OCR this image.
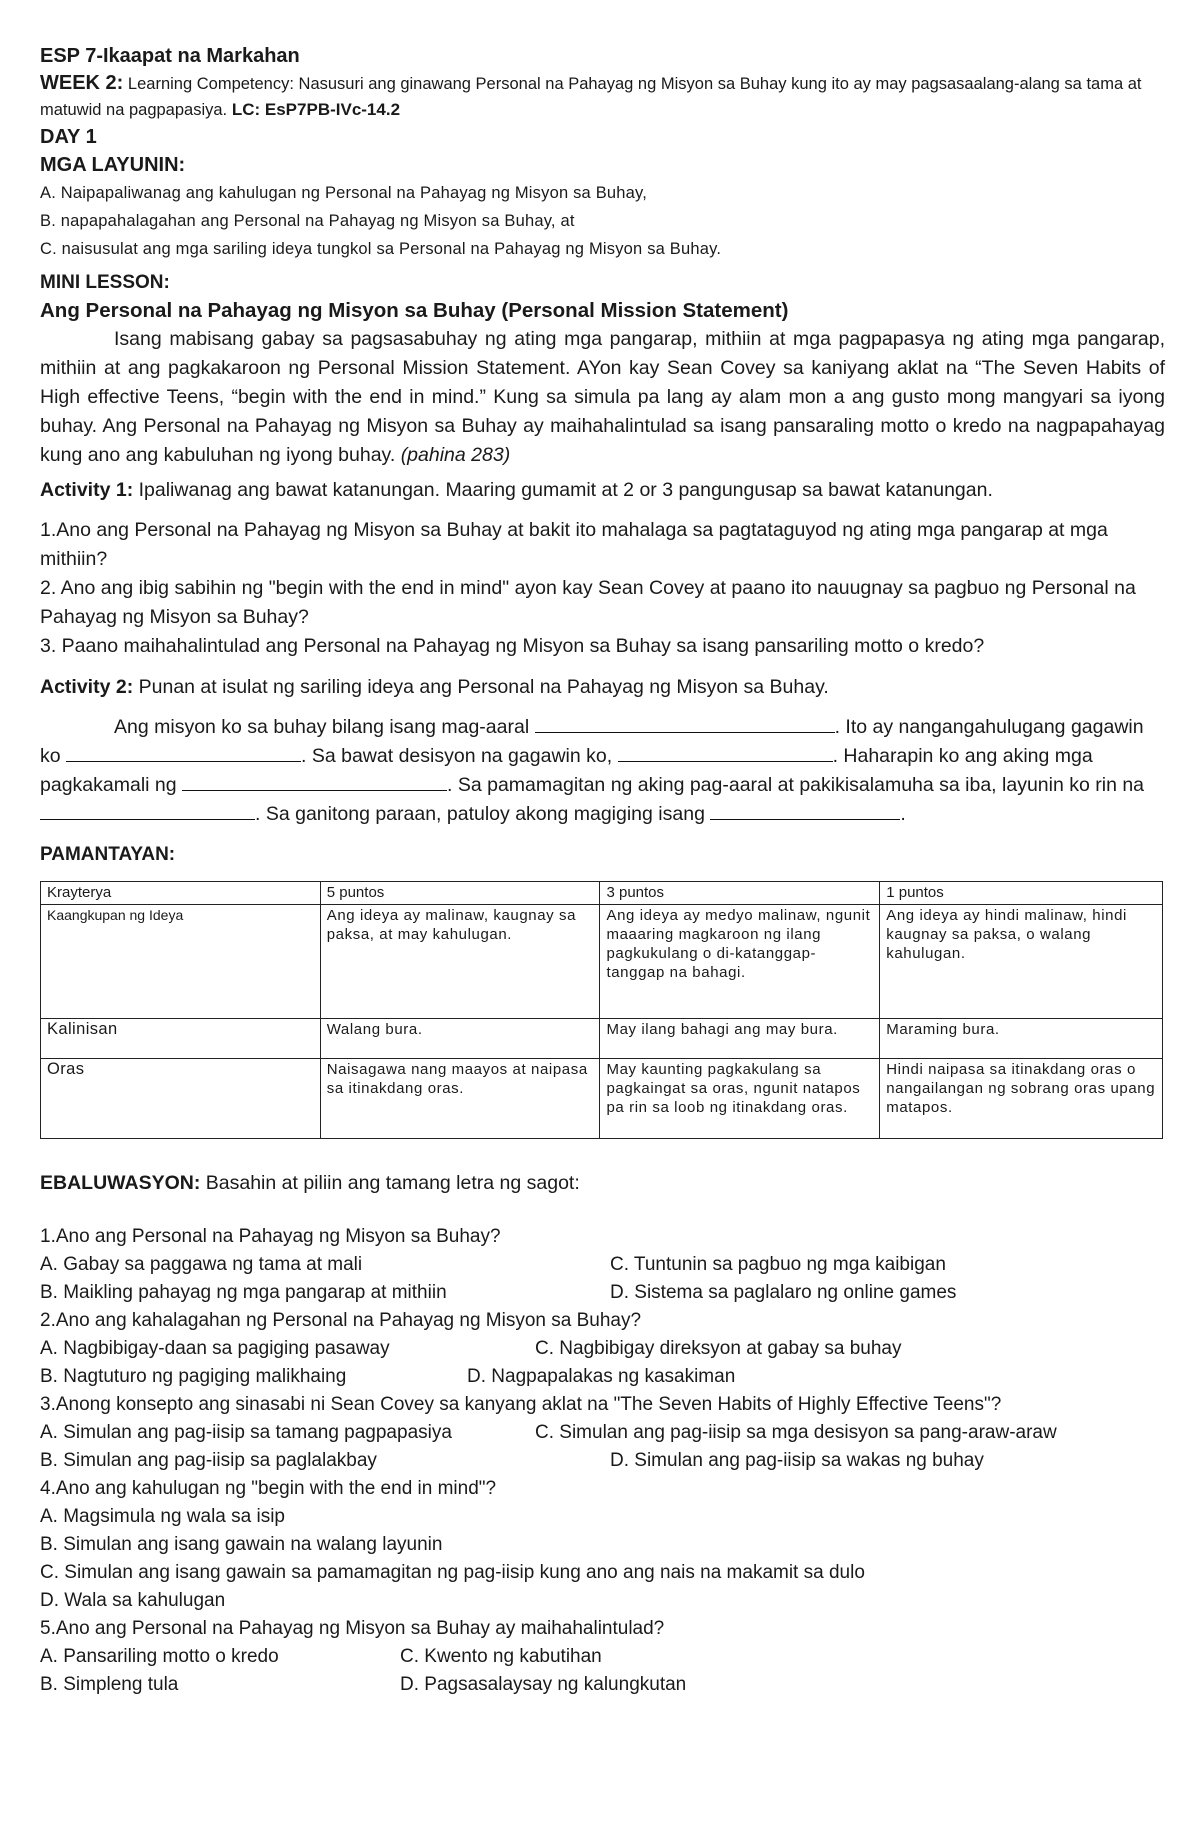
ESP 7-Ikaapat na Markahan
WEEK 2: Learning Competency: Nasusuri ang ginawang Personal na Pahayag ng Misyon sa Buhay kung ito ay may pagsasaalang-alang sa tama at matuwid na pagpapasiya. LC: EsP7PB-IVc-14.2
DAY 1
MGA LAYUNIN:
A. Naipapaliwanag ang kahulugan ng Personal na Pahayag ng Misyon sa Buhay,
B. napapahalagahan ang Personal na Pahayag ng Misyon sa Buhay, at
C. naisusulat ang mga sariling ideya tungkol sa Personal na Pahayag ng Misyon sa Buhay.
MINI LESSON:
Ang Personal na Pahayag ng Misyon sa Buhay (Personal Mission Statement)
Isang mabisang gabay sa pagsasabuhay ng ating mga pangarap, mithiin at mga pagpapasya ng ating mga pangarap, mithiin at ang pagkakaroon ng Personal Mission Statement. AYon kay Sean Covey sa kaniyang aklat na “The Seven Habits of High effective Teens, “begin with the end in mind.” Kung sa simula pa lang ay alam mon a ang gusto mong mangyari sa iyong buhay. Ang Personal na Pahayag ng Misyon sa Buhay ay maihahalintulad sa isang pansaraling motto o kredo na nagpapahayag kung ano ang kabuluhan ng iyong buhay. (pahina 283)
Activity 1: Ipaliwanag ang bawat katanungan. Maaring gumamit at 2 or 3 pangungusap sa bawat katanungan.
1.Ano ang Personal na Pahayag ng Misyon sa Buhay at bakit ito mahalaga sa pagtataguyod ng ating mga pangarap at mga mithiin?
2. Ano ang ibig sabihin ng "begin with the end in mind" ayon kay Sean Covey at paano ito nauugnay sa pagbuo ng Personal na Pahayag ng Misyon sa Buhay?
3. Paano maihahalintulad ang Personal na Pahayag ng Misyon sa Buhay sa isang pansariling motto o kredo?
Activity 2: Punan at isulat ng sariling ideya ang Personal na Pahayag ng Misyon sa Buhay.
Ang misyon ko sa buhay bilang isang mag-aaral	. Ito ay nangangahulugang gagawin ko	. Sa bawat desisyon na gagawin ko,	. Haharapin ko ang aking mga pagkakamali ng	. Sa pamamagitan ng aking pag-aaral at pakikisalamuha sa iba, layunin ko rin na . Sa ganitong paraan, patuloy akong magiging isang	.
PAMANTAYAN:
Krayterya	5 puntos	3 puntos	1 puntos
Kaangkupan ng Ideya	Ang ideya ay malinaw, kaugnay sa paksa, at may kahulugan.	Ang ideya ay medyo malinaw, ngunit maaaring magkaroon ng ilang pagkukulang o di-katanggap-tanggap na bahagi.	Ang ideya ay hindi malinaw, hindi kaugnay sa paksa, o walang kahulugan.
Kalinisan	Walang bura.	May ilang bahagi ang may bura.	Maraming bura.
Oras	Naisagawa nang maayos at naipasa sa itinakdang oras.	May kaunting pagkakulang sa pagkaingat sa oras, ngunit natapos pa rin sa loob ng itinakdang oras.	Hindi naipasa sa itinakdang oras o nangailangan ng sobrang oras upang matapos.
EBALUWASYON: Basahin at piliin ang tamang letra ng sagot:
1.Ano ang Personal na Pahayag ng Misyon sa Buhay?
A. Gabay sa paggawa ng tama at mali	C. Tuntunin sa pagbuo ng mga kaibigan
B. Maikling pahayag ng mga pangarap at mithiin	D. Sistema sa paglalaro ng online games
2.Ano ang kahalagahan ng Personal na Pahayag ng Misyon sa Buhay?
A. Nagbibigay-daan sa pagiging pasaway	C. Nagbibigay direksyon at gabay sa buhay
B. Nagtuturo ng pagiging malikhaing	D. Nagpapalakas ng kasakiman
3.Anong konsepto ang sinasabi ni Sean Covey sa kanyang aklat na "The Seven Habits of Highly Effective Teens"?
A. Simulan ang pag-iisip sa tamang pagpapasiya	C. Simulan ang pag-iisip sa mga desisyon sa pang-araw-araw
B. Simulan ang pag-iisip sa paglalakbay	D. Simulan ang pag-iisip sa wakas ng buhay
4.Ano ang kahulugan ng "begin with the end in mind"?
A. Magsimula ng wala sa isip
B. Simulan ang isang gawain na walang layunin
C. Simulan ang isang gawain sa pamamagitan ng pag-iisip kung ano ang nais na makamit sa dulo
D. Wala sa kahulugan
5.Ano ang Personal na Pahayag ng Misyon sa Buhay ay maihahalintulad?
A. Pansariling motto o kredo	C. Kwento ng kabutihan
B. Simpleng tula	D. Pagsasalaysay ng kalungkutan
